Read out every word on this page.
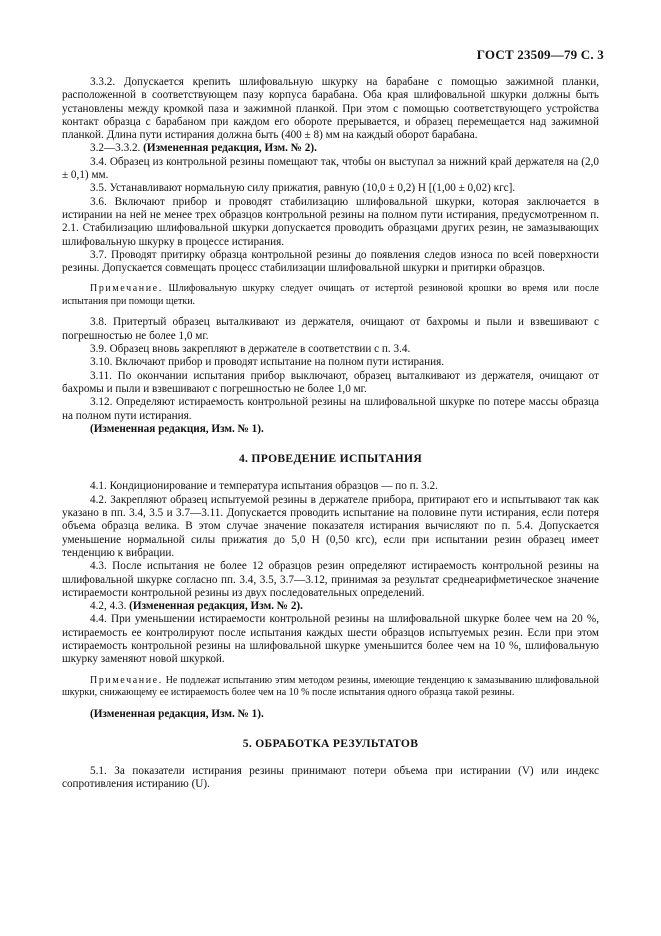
ГОСТ 23509—79 С. 3

3.3.2. Допускается крепить шлифовальную шкурку на барабане с помощью зажимной планки, расположенной в соответствующем пазу корпуса барабана. Оба края шлифовальной шкурки должны быть установлены между кромкой паза и зажимной планкой. При этом с помощью соответствующего устройства контакт образца с барабаном при каждом его обороте прерывается, и образец перемещается над зажимной планкой. Длина пути истирания должна быть (400 ± 8) мм на каждый оборот барабана.

3.2—3.3.2. (Измененная редакция, Изм. № 2).

3.4. Образец из контрольной резины помещают так, чтобы он выступал за нижний край держателя на (2,0 ± 0,1) мм.

3.5. Устанавливают нормальную силу прижатия, равную (10,0 ± 0,2) Н [(1,00 ± 0,02) кгс].

3.6. Включают прибор и проводят стабилизацию шлифовальной шкурки, которая заключается в истирании на ней не менее трех образцов контрольной резины на полном пути истирания, предусмотренном п. 2.1. Стабилизацию шлифовальной шкурки допускается проводить образцами других резин, не замазывающих шлифовальную шкурку в процессе истирания.

3.7. Проводят притирку образца контрольной резины до появления следов износа по всей поверхности резины. Допускается совмещать процесс стабилизации шлифовальной шкурки и притирки образцов.

Примечание. Шлифовальную шкурку следует очищать от истертой резиновой крошки во время или после испытания при помощи щетки.

3.8. Притертый образец выталкивают из держателя, очищают от бахромы и пыли и взвешивают с погрешностью не более 1,0 мг.

3.9. Образец вновь закрепляют в держателе в соответствии с п. 3.4.

3.10. Включают прибор и проводят испытание на полном пути истирания.

3.11. По окончании испытания прибор выключают, образец выталкивают из держателя, очищают от бахромы и пыли и взвешивают с погрешностью не более 1,0 мг.

3.12. Определяют истираемость контрольной резины на шлифовальной шкурке по потере массы образца на полном пути истирания.

(Измененная редакция, Изм. № 1).

4. ПРОВЕДЕНИЕ ИСПЫТАНИЯ

4.1. Кондиционирование и температура испытания образцов — по п. 3.2.

4.2. Закрепляют образец испытуемой резины в держателе прибора, притирают его и испытывают так как указано в пп. 3.4, 3.5 и 3.7—3.11. Допускается проводить испытание на половине пути истирания, если потеря объема образца велика. В этом случае значение показателя истирания вычисляют по п. 5.4. Допускается уменьшение нормальной силы прижатия до 5,0 Н (0,50 кгс), если при испытании резин образец имеет тенденцию к вибрации.

4.3. После испытания не более 12 образцов резин определяют истираемость контрольной резины на шлифовальной шкурке согласно пп. 3.4, 3.5, 3.7—3.12, принимая за результат среднеарифметическое значение истираемости контрольной резины из двух последовательных определений.

4.2, 4.3. (Измененная редакция, Изм. № 2).

4.4. При уменьшении истираемости контрольной резины на шлифовальной шкурке более чем на 20 %, истираемость ее контролируют после испытания каждых шести образцов испытуемых резин. Если при этом истираемость контрольной резины на шлифовальной шкурке уменьшится более чем на 10 %, шлифовальную шкурку заменяют новой шкуркой.

Примечание. Не подлежат испытанию этим методом резины, имеющие тенденцию к замазыванию шлифовальной шкурки, снижающему ее истираемость более чем на 10 % после испытания одного образца такой резины.

(Измененная редакция, Изм. № 1).

5. ОБРАБОТКА РЕЗУЛЬТАТОВ

5.1. За показатели истирания резины принимают потери объема при истирании (V) или индекс сопротивления истиранию (U).
